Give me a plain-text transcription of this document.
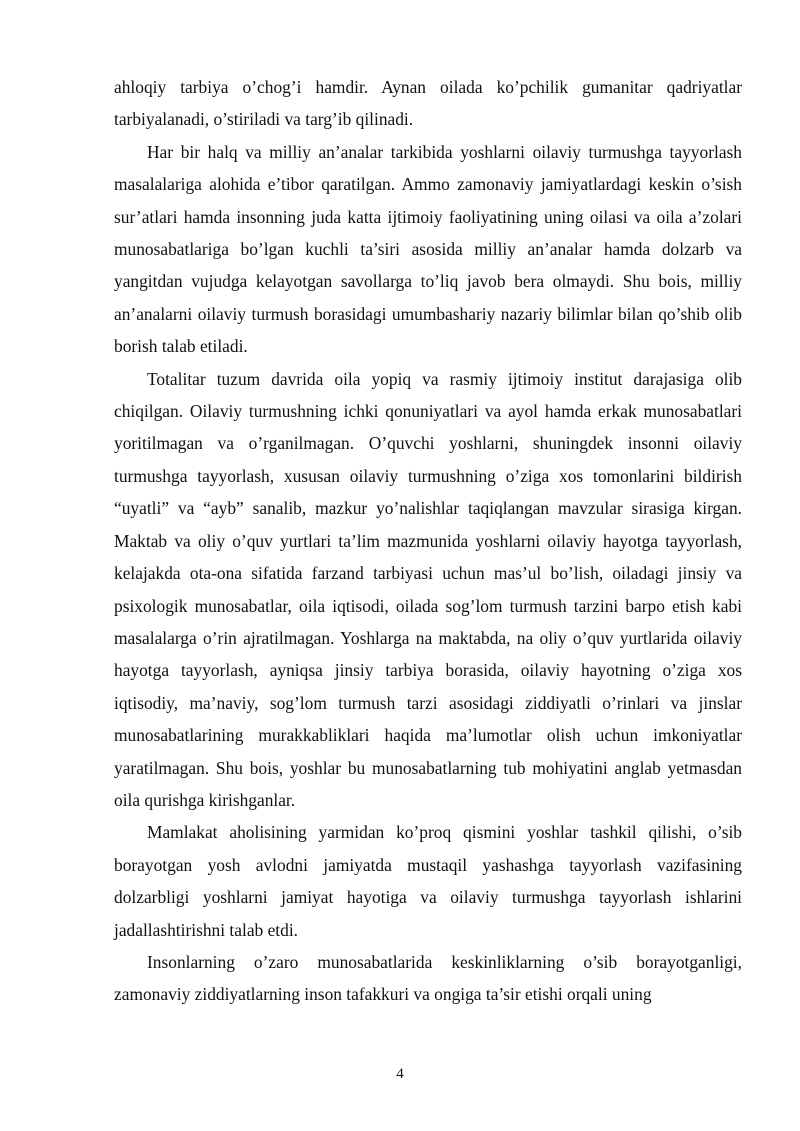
ahloqiy tarbiya o’chog’i hamdir. Aynan oilada ko’pchilik gumanitar qadriyatlar tarbiyalanadi, o’stiriladi va targ’ib qilinadi.

Har bir halq va milliy an’analar tarkibida yoshlarni oilaviy turmushga tayyorlash masalalariga alohida e’tibor qaratilgan. Ammo zamonaviy jamiyatlardagi keskin o’sish sur’atlari hamda insonning juda katta ijtimoiy faoliyatining uning oilasi va oila a’zolari munosabatlariga bo’lgan kuchli ta’siri asosida milliy an’analar hamda dolzarb va yangitdan vujudga kelayotgan savollarga to’liq javob bera olmaydi. Shu bois, milliy an’analarni oilaviy turmush borasidagi umumbashariy nazariy bilimlar bilan qo’shib olib borish talab etiladi.

Totalitar tuzum davrida oila yopiq va rasmiy ijtimoiy institut darajasiga olib chiqilgan. Oilaviy turmushning ichki qonuniyatlari va ayol hamda erkak munosabatlari yoritilmagan va o’rganilmagan. O’quvchi yoshlarni, shuningdek insonni oilaviy turmushga tayyorlash, xususan oilaviy turmushning o’ziga xos tomonlarini bildirish “uyatli” va “ayb” sanalib, mazkur yo’nalishlar taqiqlangan mavzular sirasiga kirgan. Maktab va oliy o’quv yurtlari ta’lim mazmunida yoshlarni oilaviy hayotga tayyorlash, kelajakda ota-ona sifatida farzand tarbiyasi uchun mas’ul bo’lish, oiladagi jinsiy va psixologik munosabatlar, oila iqtisodi, oilada sog’lom turmush tarzini barpo etish kabi masalalarga o’rin ajratilmagan. Yoshlarga na maktabda, na oliy o’quv yurtlarida oilaviy hayotga tayyorlash, ayniqsa jinsiy tarbiya borasida, oilaviy hayotning o’ziga xos iqtisodiy, ma’naviy, sog’lom turmush tarzi asosidagi ziddiyatli o’rinlari va jinslar munosabatlarining murakkabliklari haqida ma’lumotlar olish uchun imkoniyatlar yaratilmagan. Shu bois, yoshlar bu munosabatlarning tub mohiyatini anglab yetmasdan oila qurishga kirishganlar.

Mamlakat aholisining yarmidan ko’proq qismini yoshlar tashkil qilishi, o’sib borayotgan yosh avlodni jamiyatda mustaqil yashashga tayyorlash vazifasining dolzarbligi yoshlarni jamiyat hayotiga va oilaviy turmushga tayyorlash ishlarini jadallashtirishni talab etdi.

Insonlarning o’zaro munosabatlarida keskinliklarning o’sib borayotganligi, zamonaviy ziddiyatlarning inson tafakkuri va ongiga ta’sir etishi orqali uning

4
